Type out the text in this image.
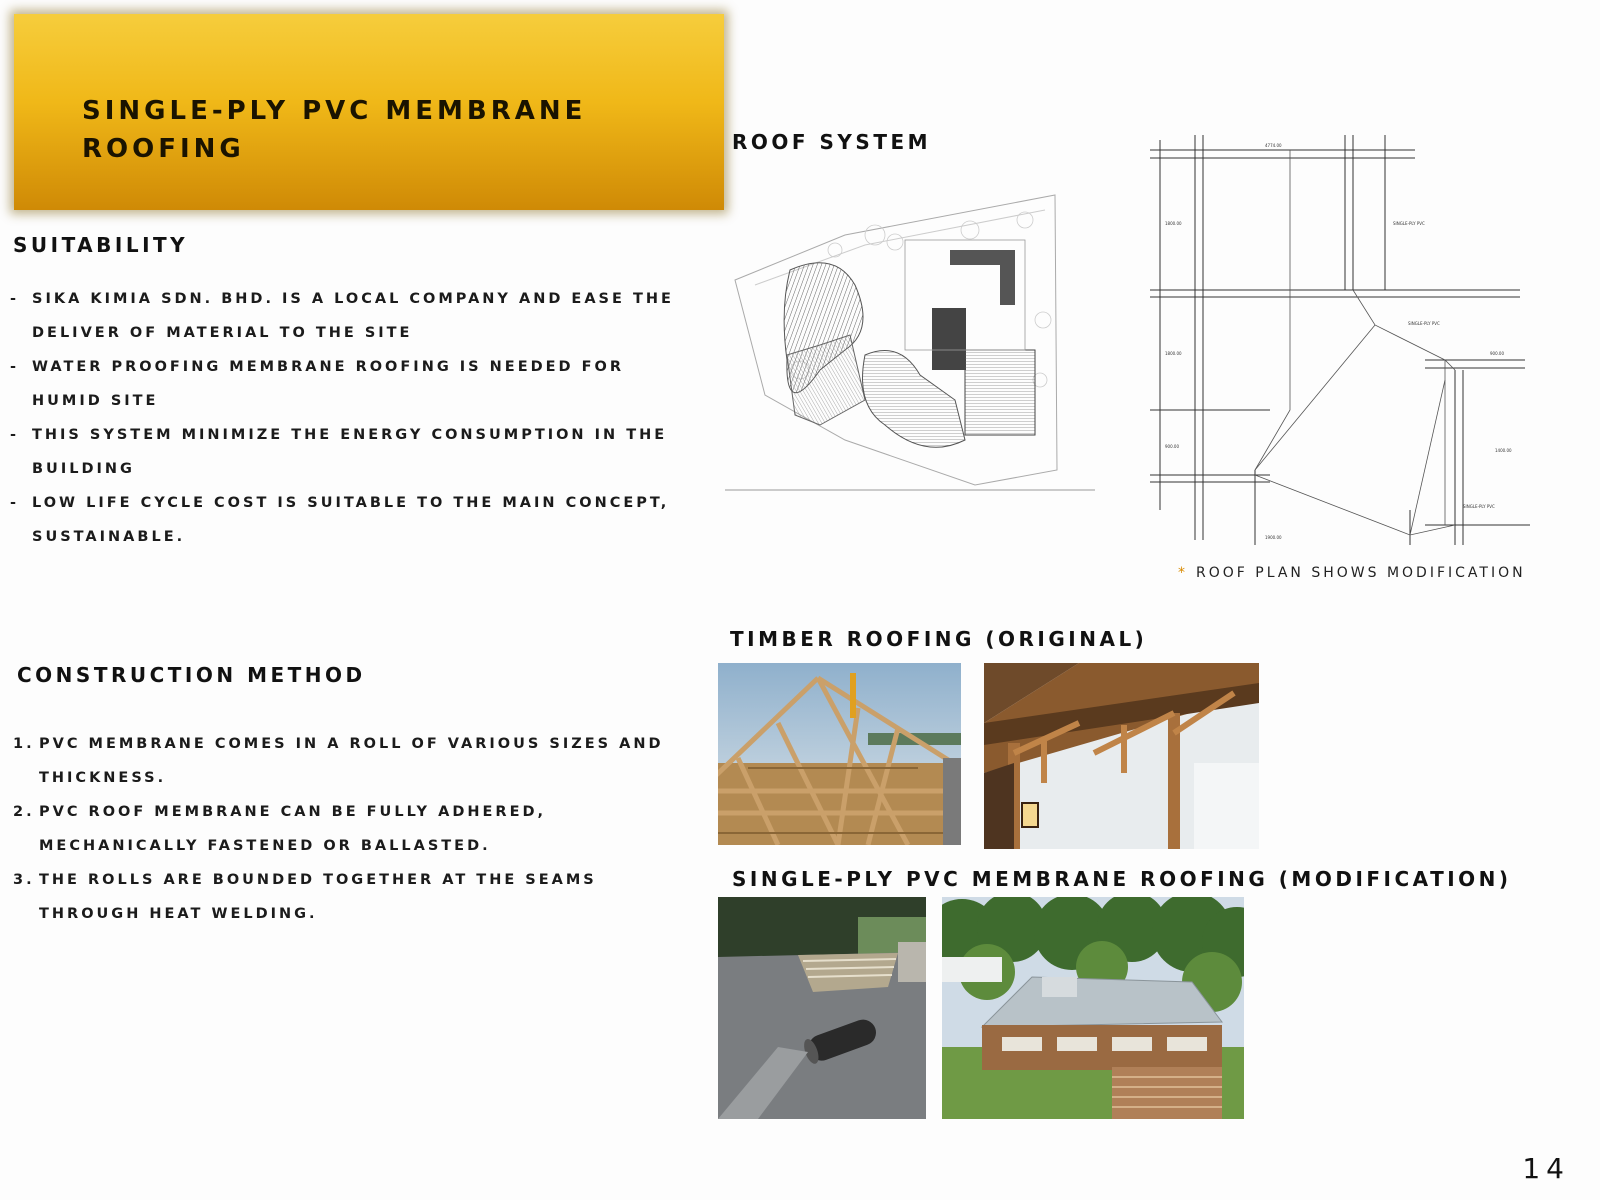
SINGLE-PLY PVC MEMBRANE ROOFING
SUITABILITY
- SIKA KIMIA SDN. BHD. IS A LOCAL COMPANY AND EASE THE DELIVER OF MATERIAL TO THE SITE
- WATER PROOFING MEMBRANE ROOFING IS NEEDED FOR HUMID SITE
- THIS SYSTEM MINIMIZE THE ENERGY CONSUMPTION IN THE BUILDING
- LOW LIFE CYCLE COST IS SUITABLE TO THE MAIN CONCEPT, SUSTAINABLE.
CONSTRUCTION METHOD
1. PVC MEMBRANE COMES IN A ROLL OF VARIOUS SIZES AND THICKNESS.
2. PVC ROOF MEMBRANE CAN BE FULLY ADHERED, MECHANICALLY FASTENED OR BALLASTED.
3. THE ROLLS ARE BOUNDED TOGETHER AT THE SEAMS THROUGH HEAT WELDING.
ROOF SYSTEM
SINGLE-PLY PVC
SINGLE-PLY PVC
SINGLE-PLY PVC
1800.00
1800.00
900.00
900.00
1400.00
4774.00
1900.00
* ROOF PLAN SHOWS MODIFICATION
TIMBER ROOFING (ORIGINAL)
SINGLE-PLY PVC MEMBRANE ROOFING (MODIFICATION)
14
